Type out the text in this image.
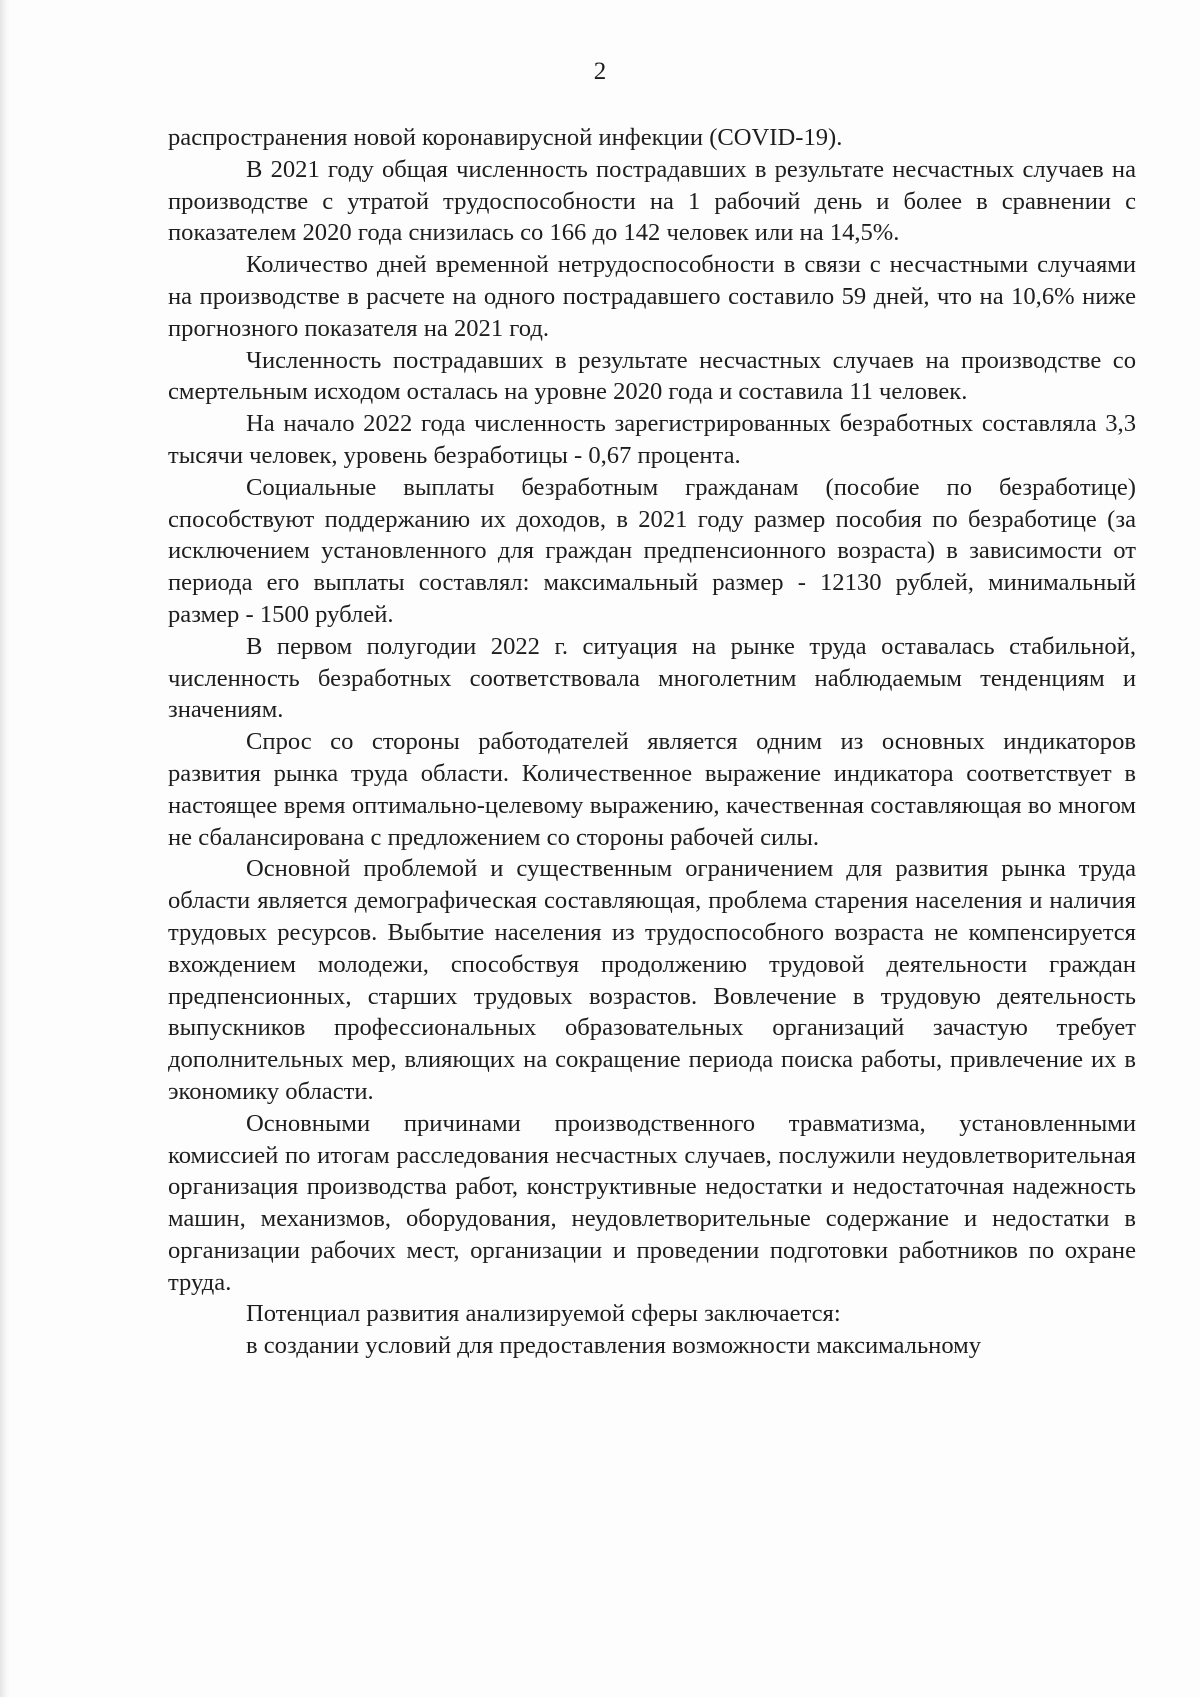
2

распространения новой коронавирусной инфекции (COVID-19).

В 2021 году общая численность пострадавших в результате несчастных случаев на производстве с утратой трудоспособности на 1 рабочий день и более в сравнении с показателем 2020 года снизилась со 166 до 142 человек или на 14,5%.

Количество дней временной нетрудоспособности в связи с несчастными случаями на производстве в расчете на одного пострадавшего составило 59 дней, что на 10,6% ниже прогнозного показателя на 2021 год.

Численность пострадавших в результате несчастных случаев на производстве со смертельным исходом осталась на уровне 2020 года и составила 11 человек.

На начало 2022 года численность зарегистрированных безработных составляла 3,3 тысячи человек, уровень безработицы - 0,67 процента.

Социальные выплаты безработным гражданам (пособие по безработице) способствуют поддержанию их доходов, в 2021 году размер пособия по безработице (за исключением установленного для граждан предпенсионного возраста) в зависимости от периода его выплаты составлял: максимальный размер - 12130 рублей, минимальный размер - 1500 рублей.

В первом полугодии 2022 г. ситуация на рынке труда оставалась стабильной, численность безработных соответствовала многолетним наблюдаемым тенденциям и значениям.

Спрос со стороны работодателей является одним из основных индикаторов развития рынка труда области. Количественное выражение индикатора соответствует в настоящее время оптимально-целевому выражению, качественная составляющая во многом не сбалансирована с предложением со стороны рабочей силы.

Основной проблемой и существенным ограничением для развития рынка труда области является демографическая составляющая, проблема старения населения и наличия трудовых ресурсов. Выбытие населения из трудоспособного возраста не компенсируется вхождением молодежи, способствуя продолжению трудовой деятельности граждан предпенсионных, старших трудовых возрастов. Вовлечение в трудовую деятельность выпускников профессиональных образовательных организаций зачастую требует дополнительных мер, влияющих на сокращение периода поиска работы, привлечение их в экономику области.

Основными причинами производственного травматизма, установленными комиссией по итогам расследования несчастных случаев, послужили неудовлетворительная организация производства работ, конструктивные недостатки и недостаточная надежность машин, механизмов, оборудования, неудовлетворительные содержание и недостатки в организации рабочих мест, организации и проведении подготовки работников по охране труда.

Потенциал развития анализируемой сферы заключается:

в создании условий для предоставления возможности максимальному
